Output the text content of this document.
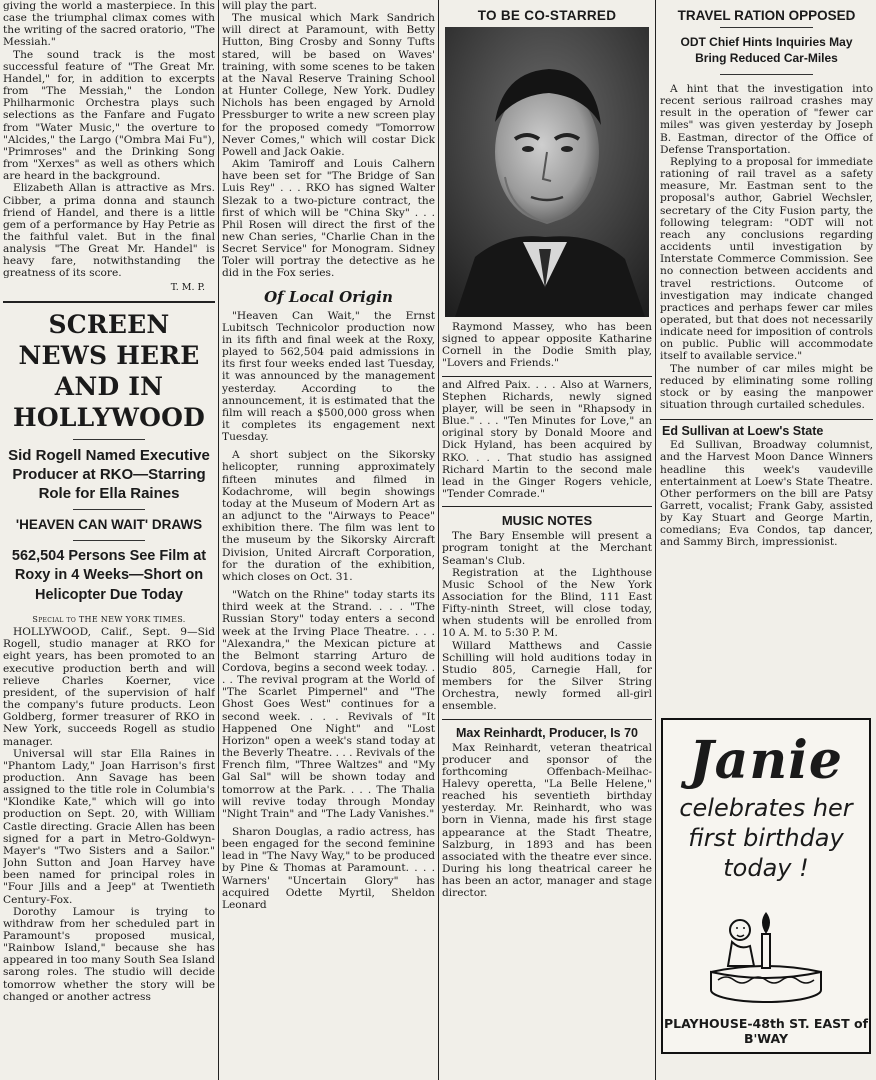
giving the world a masterpiece. In this case the triumphal climax comes with the writing of the sacred oratorio, "The Messiah."

The sound track is the most successful feature of "The Great Mr. Handel," for, in addition to excerpts from "The Messiah," the London Philharmonic Orchestra plays such selections as the Fanfare and Fugato from "Water Music," the overture to "Alcides," the Largo ("Ombra Mai Fu"), "Primroses" and the Drinking Song from "Xerxes" as well as others which are heard in the background.

Elizabeth Allan is attractive as Mrs. Cibber, a prima donna and staunch friend of Handel, and there is a little gem of a performance by Hay Petrie as the faithful valet. But in the final analysis "The Great Mr. Handel" is heavy fare, notwithstanding the greatness of its score.

T. M. P.

SCREEN NEWS HERE AND IN HOLLYWOOD

Sid Rogell Named Executive Producer at RKO—Starring Role for Ella Raines

'HEAVEN CAN WAIT' DRAWS

562,504 Persons See Film at Roxy in 4 Weeks—Short on Helicopter Due Today

Special to THE NEW YORK TIMES.

HOLLYWOOD, Calif., Sept. 9—Sid Rogell, studio manager at RKO for eight years, has been promoted to an executive production berth and will relieve Charles Koerner, vice president, of the supervision of half the company's future products. Leon Goldberg, former treasurer of RKO in New York, succeeds Rogell as studio manager.

Universal will star Ella Raines in "Phantom Lady," Joan Harrison's first production. Ann Savage has been assigned to the title role in Columbia's "Klondike Kate," which will go into production on Sept. 20, with William Castle directing. Gracie Allen has been signed for a part in Metro-Goldwyn-Mayer's "Two Sisters and a Sailor." John Sutton and Joan Harvey have been named for principal roles in "Four Jills and a Jeep" at Twentieth Century-Fox.

Dorothy Lamour is trying to withdraw from her scheduled part in Paramount's proposed musical, "Rainbow Island," because she has appeared in too many South Sea Island sarong roles. The studio will decide tomorrow whether the story will be changed or another actress

will play the part.

The musical which Mark Sandrich will direct at Paramount, with Betty Hutton, Bing Crosby and Sonny Tufts stared, will be based on Waves' training, with some scenes to be taken at the Naval Reserve Training School at Hunter College, New York. Dudley Nichols has been engaged by Arnold Pressburger to write a new screen play for the proposed comedy "Tomorrow Never Comes," which will costar Dick Powell and Jack Oakie.

Akim Tamiroff and Louis Calhern have been set for "The Bridge of San Luis Rey" . . . RKO has signed Walter Slezak to a two-picture contract, the first of which will be "China Sky" . . . Phil Rosen will direct the first of the new Chan series, "Charlie Chan in the Secret Service" for Monogram. Sidney Toler will portray the detective as he did in the Fox series.

Of Local Origin

"Heaven Can Wait," the Ernst Lubitsch Technicolor production now in its fifth and final week at the Roxy, played to 562,504 paid admissions in its first four weeks ended last Tuesday, it was announced by the management yesterday. According to the announcement, it is estimated that the film will reach a $500,000 gross when it completes its engagement next Tuesday.

A short subject on the Sikorsky helicopter, running approximately fifteen minutes and filmed in Kodachrome, will begin showings today at the Museum of Modern Art as an adjunct to the "Airways to Peace" exhibition there. The film was lent to the museum by the Sikorsky Aircraft Division, United Aircraft Corporation, for the duration of the exhibition, which closes on Oct. 31.

"Watch on the Rhine" today starts its third week at the Strand. . . . "The Russian Story" today enters a second week at the Irving Place Theatre. . . . "Alexandra," the Mexican picture at the Belmont starring Arturo de Cordova, begins a second week today. . . . The revival program at the World of "The Scarlet Pimpernel" and "The Ghost Goes West" continues for a second week. . . . Revivals of "It Happened One Night" and "Lost Horizon" open a week's stand today at the Beverly Theatre. . . . Revivals of the French film, "Three Waltzes" and "My Gal Sal" will be shown today and tomorrow at the Park. . . . The Thalia will revive today through Monday "Night Train" and "The Lady Vanishes."

Sharon Douglas, a radio actress, has been engaged for the second feminine lead in "The Navy Way," to be produced by Pine & Thomas at Paramount. . . . Warners' "Uncertain Glory" has acquired Odette Myrtil, Sheldon Leonard

TO BE CO-STARRED

Raymond Massey, who has been signed to appear opposite Katharine Cornell in the Dodie Smith play, "Lovers and Friends."

and Alfred Paix. . . . Also at Warners, Stephen Richards, newly signed player, will be seen in "Rhapsody in Blue." . . . "Ten Minutes for Love," an original story by Donald Moore and Dick Hyland, has been acquired by RKO. . . . That studio has assigned Richard Martin to the second male lead in the Ginger Rogers vehicle, "Tender Comrade."

MUSIC NOTES

The Bary Ensemble will present a program tonight at the Merchant Seaman's Club.

Registration at the Lighthouse Music School of the New York Association for the Blind, 111 East Fifty-ninth Street, will close today, when students will be enrolled from 10 A. M. to 5:30 P. M.

Willard Matthews and Cassie Schilling will hold auditions today in Studio 805, Carnegie Hall, for members for the Silver String Orchestra, newly formed all-girl ensemble.

Max Reinhardt, Producer, Is 70

Max Reinhardt, veteran theatrical producer and sponsor of the forthcoming Offenbach-Meilhac-Halevy operetta, "La Belle Helene," reached his seventieth birthday yesterday. Mr. Reinhardt, who was born in Vienna, made his first stage appearance at the Stadt Theatre, Salzburg, in 1893 and has been associated with the theatre ever since. During his long theatrical career he has been an actor, manager and stage director.

TRAVEL RATION OPPOSED

ODT Chief Hints Inquiries May Bring Reduced Car-Miles

A hint that the investigation into recent serious railroad crashes may result in the operation of "fewer car miles" was given yesterday by Joseph B. Eastman, director of the Office of Defense Transportation.

Replying to a proposal for immediate rationing of rail travel as a safety measure, Mr. Eastman sent to the proposal's author, Gabriel Wechsler, secretary of the City Fusion party, the following telegram: "ODT will not reach any conclusions regarding accidents until investigation by Interstate Commerce Commission. See no connection between accidents and travel restrictions. Outcome of investigation may indicate changed practices and perhaps fewer car miles operated, but that does not necessarily indicate need for imposition of controls on public. Public will accommodate itself to available service."

The number of car miles might be reduced by eliminating some rolling stock or by easing the manpower situation through curtailed schedules.

Ed Sullivan at Loew's State

Ed Sullivan, Broadway columnist, and the Harvest Moon Dance Winners headline this week's vaudeville entertainment at Loew's State Theatre. Other performers on the bill are Patsy Garrett, vocalist; Frank Gaby, assisted by Kay Stuart and George Martin, comedians; Eva Condos, tap dancer, and Sammy Birch, impressionist.

Janie

celebrates her

first birthday

today !

PLAYHOUSE-48th ST. EAST of B'WAY
